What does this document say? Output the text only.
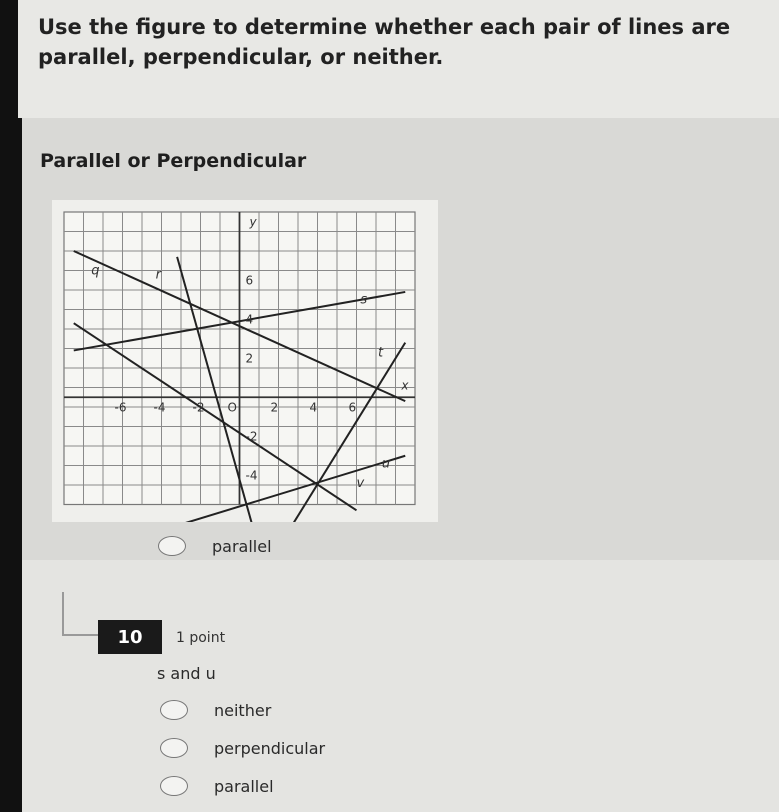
Use the figure to determine whether each pair of lines are parallel, perpendicular, or neither.
Parallel or Perpendicular
-6 -4 -2 O	2	4	6
6
4
2
-2
-4
x
y
q	r
s
t
u
v
parallel
10	1 point
s and u
neither
perpendicular
parallel
